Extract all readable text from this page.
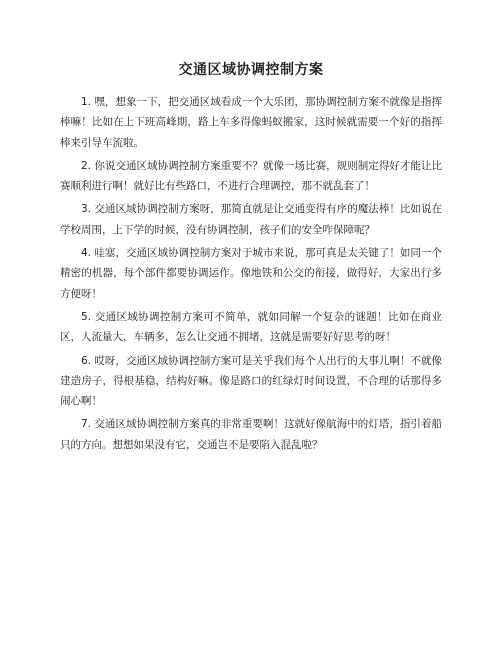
交通区域协调控制方案

1. 嘿，想象一下，把交通区域看成一个大乐团，那协调控制方案不就像是指挥棒嘛！比如在上下班高峰期，路上车多得像蚂蚁搬家，这时候就需要一个好的指挥棒来引导车流啦。

2. 你说交通区域协调控制方案重要不？就像一场比赛，规则制定得好才能让比赛顺利进行啊！就好比有些路口，不进行合理调控，那不就乱套了！

3. 交通区域协调控制方案呀，那简直就是让交通变得有序的魔法棒！比如说在学校周围，上下学的时候，没有协调控制，孩子们的安全咋保障呢？

4. 哇塞，交通区域协调控制方案对于城市来说，那可真是太关键了！如同一个精密的机器，每个部件都要协调运作。像地铁和公交的衔接，做得好，大家出行多方便呀！

5. 交通区域协调控制方案可不简单，就如同解一个复杂的谜题！比如在商业区，人流量大，车辆多，怎么让交通不拥堵，这就是需要好好思考的呀！

6. 哎呀，交通区域协调控制方案可是关乎我们每个人出行的大事儿啊！不就像建造房子，得根基稳，结构好嘛。像是路口的红绿灯时间设置，不合理的话那得多闹心啊！

7. 交通区域协调控制方案真的非常重要啊！这就好像航海中的灯塔，指引着船只的方向。想想如果没有它，交通岂不是要陷入混乱啦？
